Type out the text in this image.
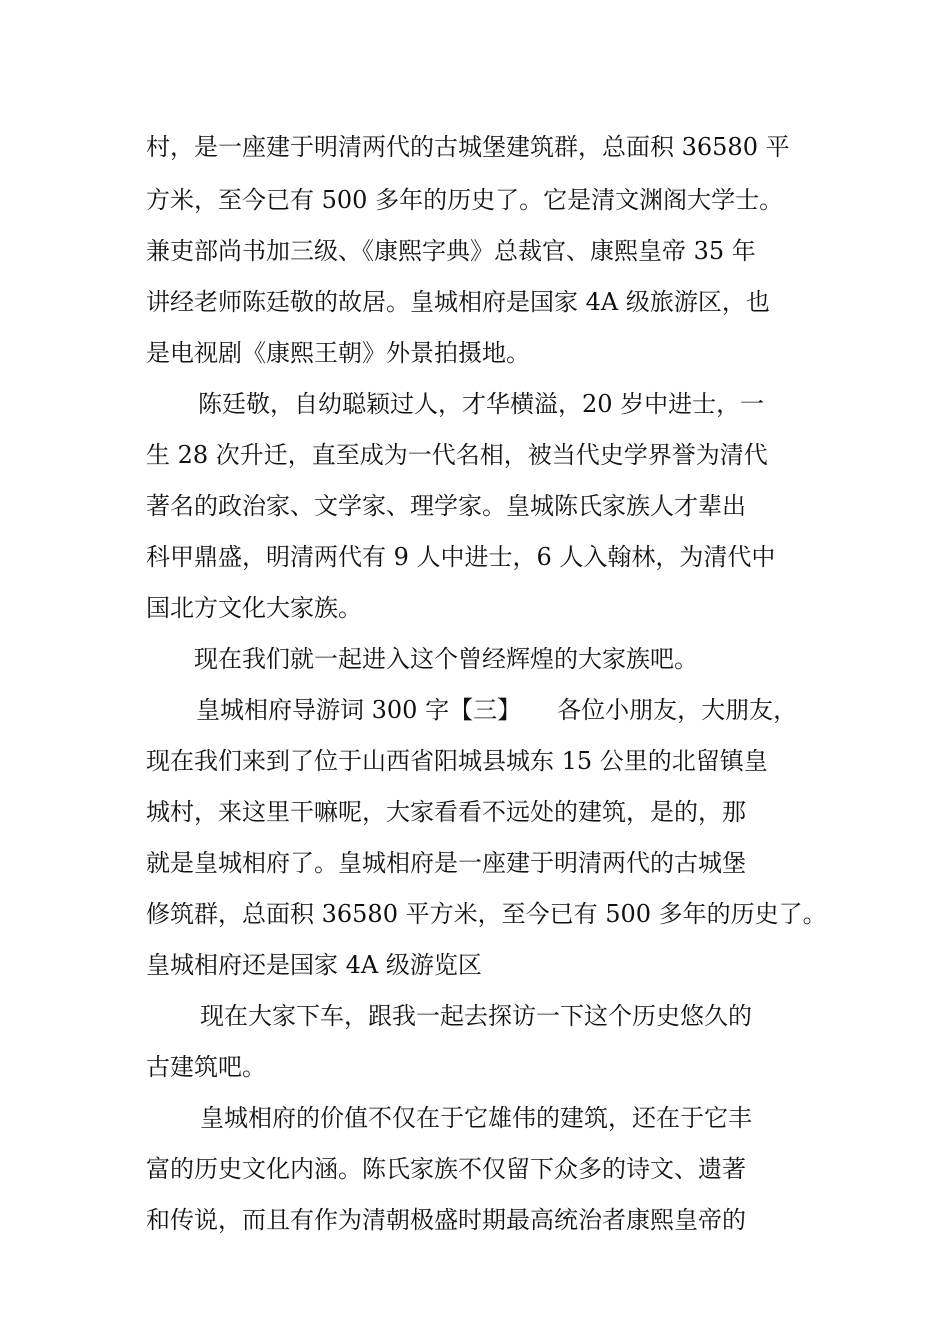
村，是一座建于明清两代的古城堡建筑群，总面积 36580 平
方米，至今已有 500 多年的历史了。它是清文渊阁大学士。
兼吏部尚书加三级、《康熙字典》总裁官、康熙皇帝 35 年
讲经老师陈廷敬的故居。皇城相府是国家 4A 级旅游区，也
是电视剧《康熙王朝》外景拍摄地。
陈廷敬，自幼聪颖过人，才华横溢，20 岁中进士，一
生 28 次升迁，直至成为一代名相，被当代史学界誉为清代
著名的政治家、文学家、理学家。皇城陈氏家族人才辈出
科甲鼎盛，明清两代有 9 人中进士，6 人入翰林，为清代中
国北方文化大家族。
现在我们就一起进入这个曾经辉煌的大家族吧。
皇城相府导游词 300 字【三】　　各位小朋友，大朋友，
现在我们来到了位于山西省阳城县城东 15 公里的北留镇皇
城村，来这里干嘛呢，大家看看不远处的建筑，是的，那
就是皇城相府了。皇城相府是一座建于明清两代的古城堡
修筑群，总面积 36580 平方米，至今已有 500 多年的历史了。
皇城相府还是国家 4A 级游览区
现在大家下车，跟我一起去探访一下这个历史悠久的
古建筑吧。
皇城相府的价值不仅在于它雄伟的建筑，还在于它丰
富的历史文化内涵。陈氏家族不仅留下众多的诗文、遗著
和传说，而且有作为清朝极盛时期最高统治者康熙皇帝的
